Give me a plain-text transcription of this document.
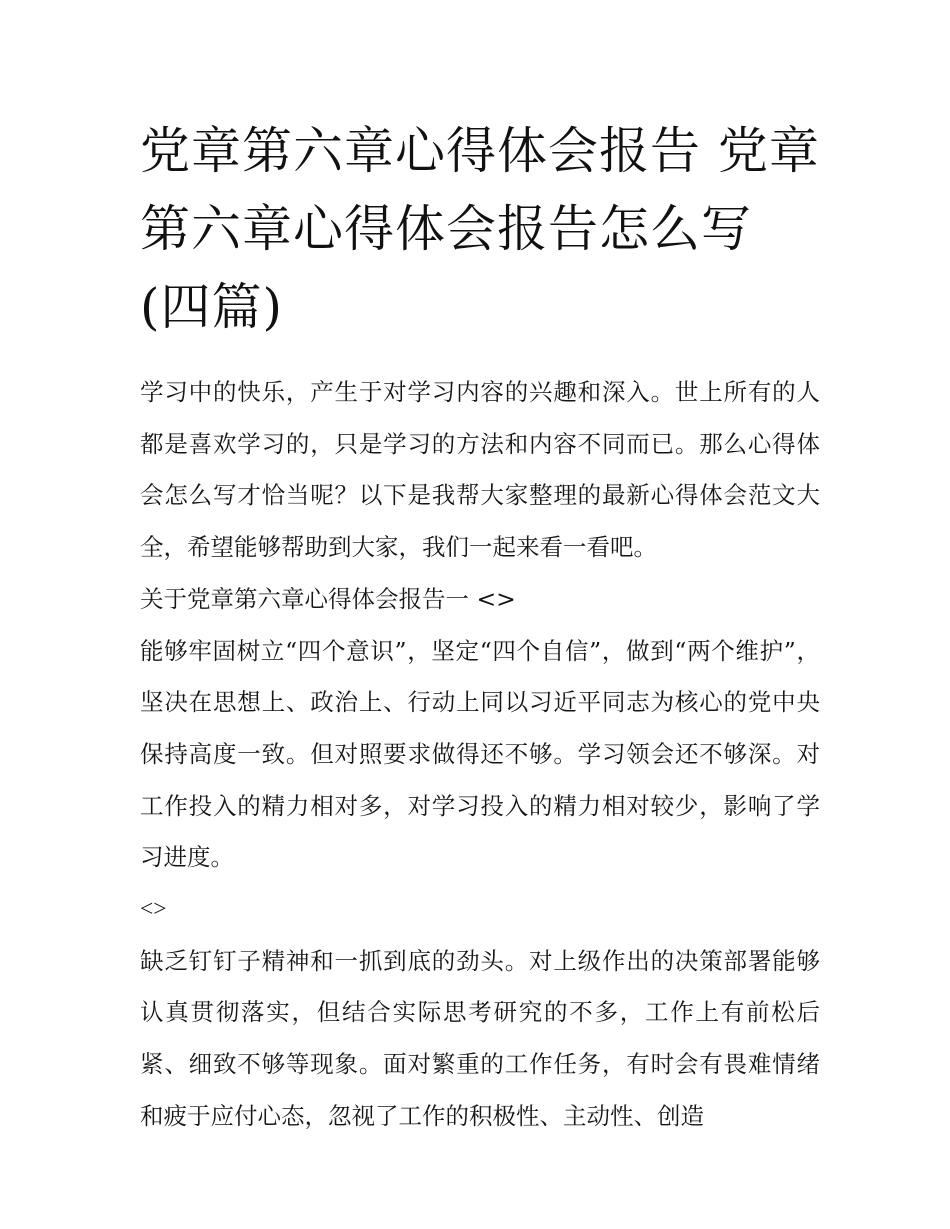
党章第六章心得体会报告 党章第六章心得体会报告怎么写(四篇)

学习中的快乐，产生于对学习内容的兴趣和深入。世上所有的人都是喜欢学习的，只是学习的方法和内容不同而已。那么心得体会怎么写才恰当呢？以下是我帮大家整理的最新心得体会范文大全，希望能够帮助到大家，我们一起来看一看吧。

关于党章第六章心得体会报告一 <>

能够牢固树立“四个意识”，坚定“四个自信”，做到“两个维护”，坚决在思想上、政治上、行动上同以习近平同志为核心的党中央保持高度一致。但对照要求做得还不够。学习领会还不够深。对工作投入的精力相对多，对学习投入的精力相对较少，影响了学习进度。

<>

缺乏钉钉子精神和一抓到底的劲头。对上级作出的决策部署能够认真贯彻落实，但结合实际思考研究的不多，工作上有前松后紧、细致不够等现象。面对繁重的工作任务，有时会有畏难情绪和疲于应付心态，忽视了工作的积极性、主动性、创造
